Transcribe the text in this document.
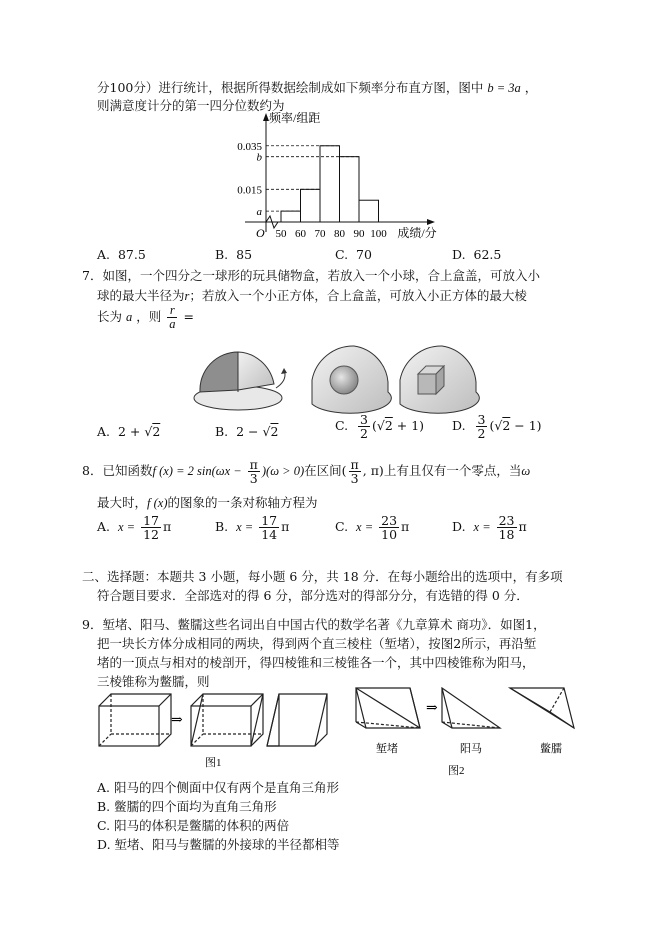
分100分）进行统计，根据所得数据绘制成如下频率分布直方图，图中 b = 3a ，
则满意度计分的第一四分位数约为
频率/组距
成绩/分
O
0.035
b
0.015
a
50 60 70 80 90 100
A. 87.5	B. 85	C. 70	D. 62.5
7．如图，一个四分之一球形的玩具储物盒，若放入一个小球，合上盒盖，可放入小
球的最大半径为r；若放入一个小正方体，合上盒盖，可放入小正方体的最大棱
长为 a ，则 $\frac{r}{a}$ =
A. 2 + √2	B. 2 − √2	C. $\frac{3}{2} (√2 + 1)$ D. $\frac{3}{2} (√2 - 1)$
8．已知函数f (x) = 2 $\sin(\omega x - \frac{\pi}{3} )(\omega > 0)$在区间( $\frac{\pi}{3}$ , π)上有且仅有一个零点，当ω
最大时，f (x)的图象的一条对称轴方程为
A. $x = \frac{17}{12}$ π	B. $x = \frac{17}{14}$ π	C. $x = \frac{23}{10}$ π	D. $x = \frac{23}{18}$ π
二、选择题：本题共 3 小题，每小题 6 分，共 18 分．在每小题给出的选项中，有多项
符合题目要求．全部选对的得 6 分，部分选对的得部分分，有选错的得 0 分．
9．堑堵、阳马、鳖臑这些名词出自中国古代的数学名著《九章算术 商功》．如图1，
把一块长方体分成相同的两块，得到两个直三棱柱（堑堵），按图2所示，再沿堑
堵的一顶点与相对的棱剖开，得四棱锥和三棱锥各一个，其中四棱锥称为阳马，
三棱锥称为鳖臑，则
⇒
图1
⇒
堑堵	阳马	鳖臑
图2
A. 阳马的四个侧面中仅有两个是直角三角形
B. 鳖臑的四个面均为直角三角形
C. 阳马的体积是鳖臑的体积的两倍
D. 堑堵、阳马与鳖臑的外接球的半径都相等
